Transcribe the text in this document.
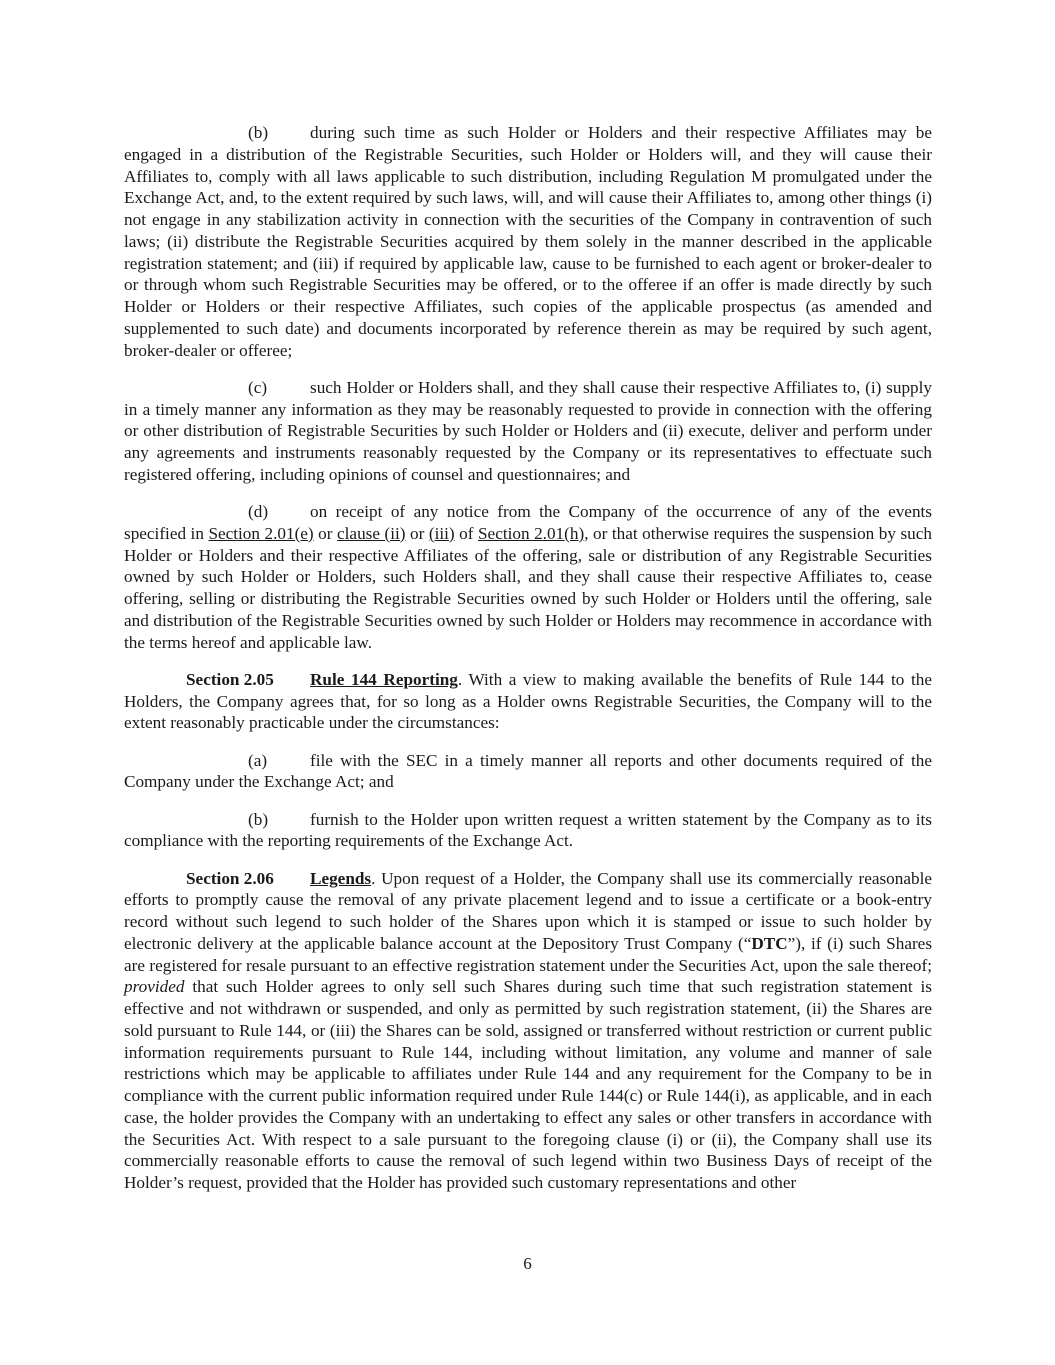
(b) during such time as such Holder or Holders and their respective Affiliates may be engaged in a distribution of the Registrable Securities, such Holder or Holders will, and they will cause their Affiliates to, comply with all laws applicable to such distribution, including Regulation M promulgated under the Exchange Act, and, to the extent required by such laws, will, and will cause their Affiliates to, among other things (i) not engage in any stabilization activity in connection with the securities of the Company in contravention of such laws; (ii) distribute the Registrable Securities acquired by them solely in the manner described in the applicable registration statement; and (iii) if required by applicable law, cause to be furnished to each agent or broker-dealer to or through whom such Registrable Securities may be offered, or to the offeree if an offer is made directly by such Holder or Holders or their respective Affiliates, such copies of the applicable prospectus (as amended and supplemented to such date) and documents incorporated by reference therein as may be required by such agent, broker-dealer or offeree;

(c) such Holder or Holders shall, and they shall cause their respective Affiliates to, (i) supply in a timely manner any information as they may be reasonably requested to provide in connection with the offering or other distribution of Registrable Securities by such Holder or Holders and (ii) execute, deliver and perform under any agreements and instruments reasonably requested by the Company or its representatives to effectuate such registered offering, including opinions of counsel and questionnaires; and

(d) on receipt of any notice from the Company of the occurrence of any of the events specified in Section 2.01(e) or clause (ii) or (iii) of Section 2.01(h), or that otherwise requires the suspension by such Holder or Holders and their respective Affiliates of the offering, sale or distribution of any Registrable Securities owned by such Holder or Holders, such Holders shall, and they shall cause their respective Affiliates to, cease offering, selling or distributing the Registrable Securities owned by such Holder or Holders until the offering, sale and distribution of the Registrable Securities owned by such Holder or Holders may recommence in accordance with the terms hereof and applicable law.

Section 2.05 Rule 144 Reporting. With a view to making available the benefits of Rule 144 to the Holders, the Company agrees that, for so long as a Holder owns Registrable Securities, the Company will to the extent reasonably practicable under the circumstances:

(a) file with the SEC in a timely manner all reports and other documents required of the Company under the Exchange Act; and

(b) furnish to the Holder upon written request a written statement by the Company as to its compliance with the reporting requirements of the Exchange Act.

Section 2.06 Legends. Upon request of a Holder, the Company shall use its commercially reasonable efforts to promptly cause the removal of any private placement legend and to issue a certificate or a book-entry record without such legend to such holder of the Shares upon which it is stamped or issue to such holder by electronic delivery at the applicable balance account at the Depository Trust Company (“DTC”), if (i) such Shares are registered for resale pursuant to an effective registration statement under the Securities Act, upon the sale thereof; provided that such Holder agrees to only sell such Shares during such time that such registration statement is effective and not withdrawn or suspended, and only as permitted by such registration statement, (ii) the Shares are sold pursuant to Rule 144, or (iii) the Shares can be sold, assigned or transferred without restriction or current public information requirements pursuant to Rule 144, including without limitation, any volume and manner of sale restrictions which may be applicable to affiliates under Rule 144 and any requirement for the Company to be in compliance with the current public information required under Rule 144(c) or Rule 144(i), as applicable, and in each case, the holder provides the Company with an undertaking to effect any sales or other transfers in accordance with the Securities Act. With respect to a sale pursuant to the foregoing clause (i) or (ii), the Company shall use its commercially reasonable efforts to cause the removal of such legend within two Business Days of receipt of the Holder’s request, provided that the Holder has provided such customary representations and other

6
